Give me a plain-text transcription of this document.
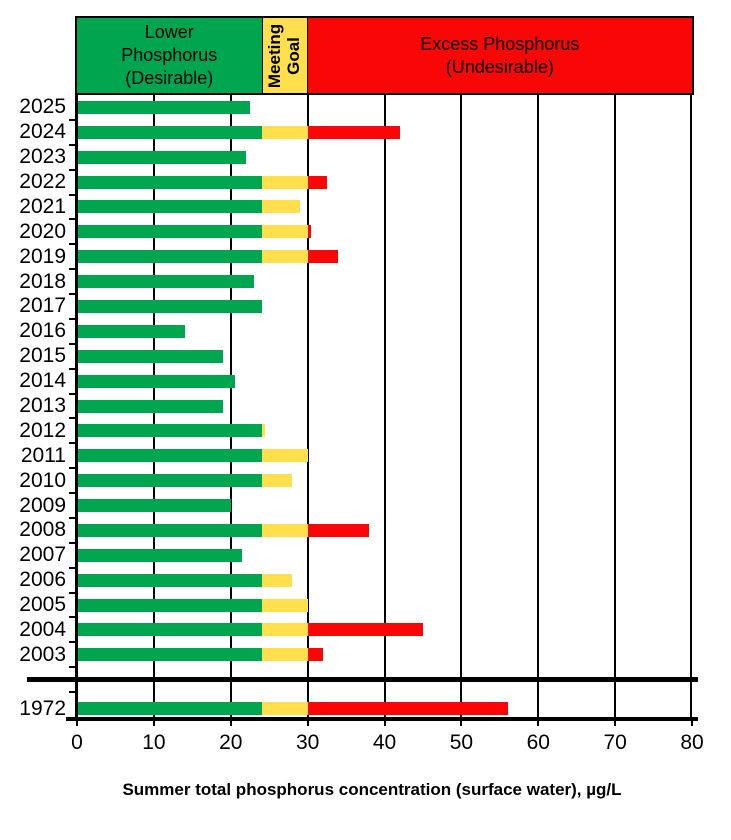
Lower
Phosphorus
(Desirable)	Meeting Goal	Excess Phosphorus
(Undesirable)
Summer total phosphorus concentration (surface water), µg/L
2025
2024
2023
2022
2021
2020
2019
2018
2017
2016
2015
2014
2013
2012
2011
2010
2009
2008
2007
2006
2005
2004
2003
1972
0	10	20	30	40	50	60	70	80
